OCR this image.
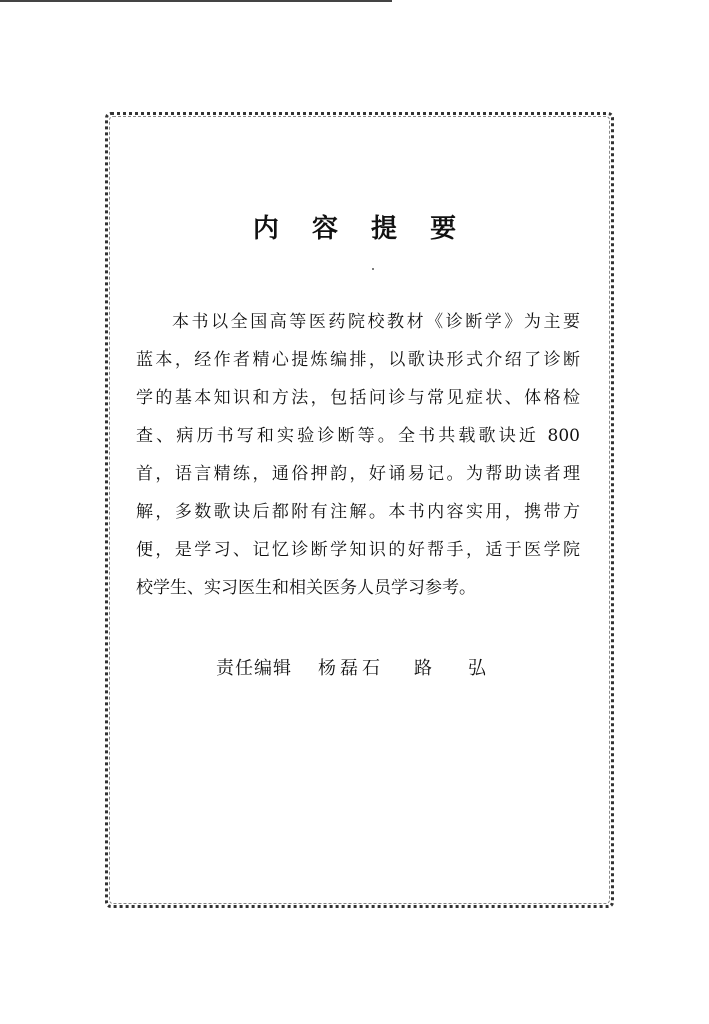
内 容 提 要
本书以全国高等医药院校教材《诊断学》为主要
蓝本，经作者精心提炼编排，以歌诀形式介绍了诊断
学的基本知识和方法，包括问诊与常见症状、体格检
查、病历书写和实验诊断等。全书共载歌诀近 800
首，语言精练，通俗押韵，好诵易记。为帮助读者理
解，多数歌诀后都附有注解。本书内容实用，携带方
便，是学习、记忆诊断学知识的好帮手，适于医学院
校学生、实习医生和相关医务人员学习参考。
责任编辑 杨磊石 路　　弘
